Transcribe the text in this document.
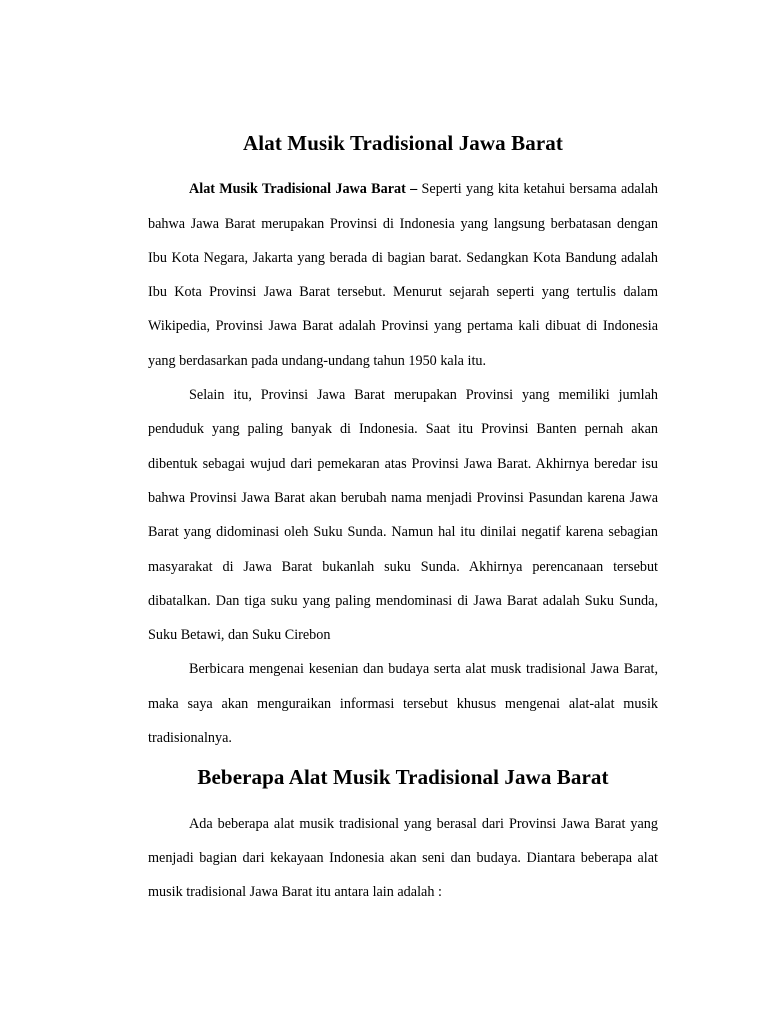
Alat Musik Tradisional Jawa Barat

Alat Musik Tradisional Jawa Barat – Seperti yang kita ketahui bersama adalah bahwa Jawa Barat merupakan Provinsi di Indonesia yang langsung berbatasan dengan Ibu Kota Negara, Jakarta yang berada di bagian barat. Sedangkan Kota Bandung adalah Ibu Kota Provinsi Jawa Barat tersebut. Menurut sejarah seperti yang tertulis dalam Wikipedia, Provinsi Jawa Barat adalah Provinsi yang pertama kali dibuat di Indonesia yang berdasarkan pada undang-undang tahun 1950 kala itu.

Selain itu, Provinsi Jawa Barat merupakan Provinsi yang memiliki jumlah penduduk yang paling banyak di Indonesia. Saat itu Provinsi Banten pernah akan dibentuk sebagai wujud dari pemekaran atas Provinsi Jawa Barat. Akhirnya beredar isu bahwa Provinsi Jawa Barat akan berubah nama menjadi Provinsi Pasundan karena Jawa Barat yang didominasi oleh Suku Sunda. Namun hal itu dinilai negatif karena sebagian masyarakat di Jawa Barat bukanlah suku Sunda. Akhirnya perencanaan tersebut dibatalkan. Dan tiga suku yang paling mendominasi di Jawa Barat adalah Suku Sunda, Suku Betawi, dan Suku Cirebon

Berbicara mengenai kesenian dan budaya serta alat musk tradisional Jawa Barat, maka saya akan menguraikan informasi tersebut khusus mengenai alat-alat musik tradisionalnya.

Beberapa Alat Musik Tradisional Jawa Barat

Ada beberapa alat musik tradisional yang berasal dari Provinsi Jawa Barat yang menjadi bagian dari kekayaan Indonesia akan seni dan budaya. Diantara beberapa alat musik tradisional Jawa Barat itu antara lain adalah :
